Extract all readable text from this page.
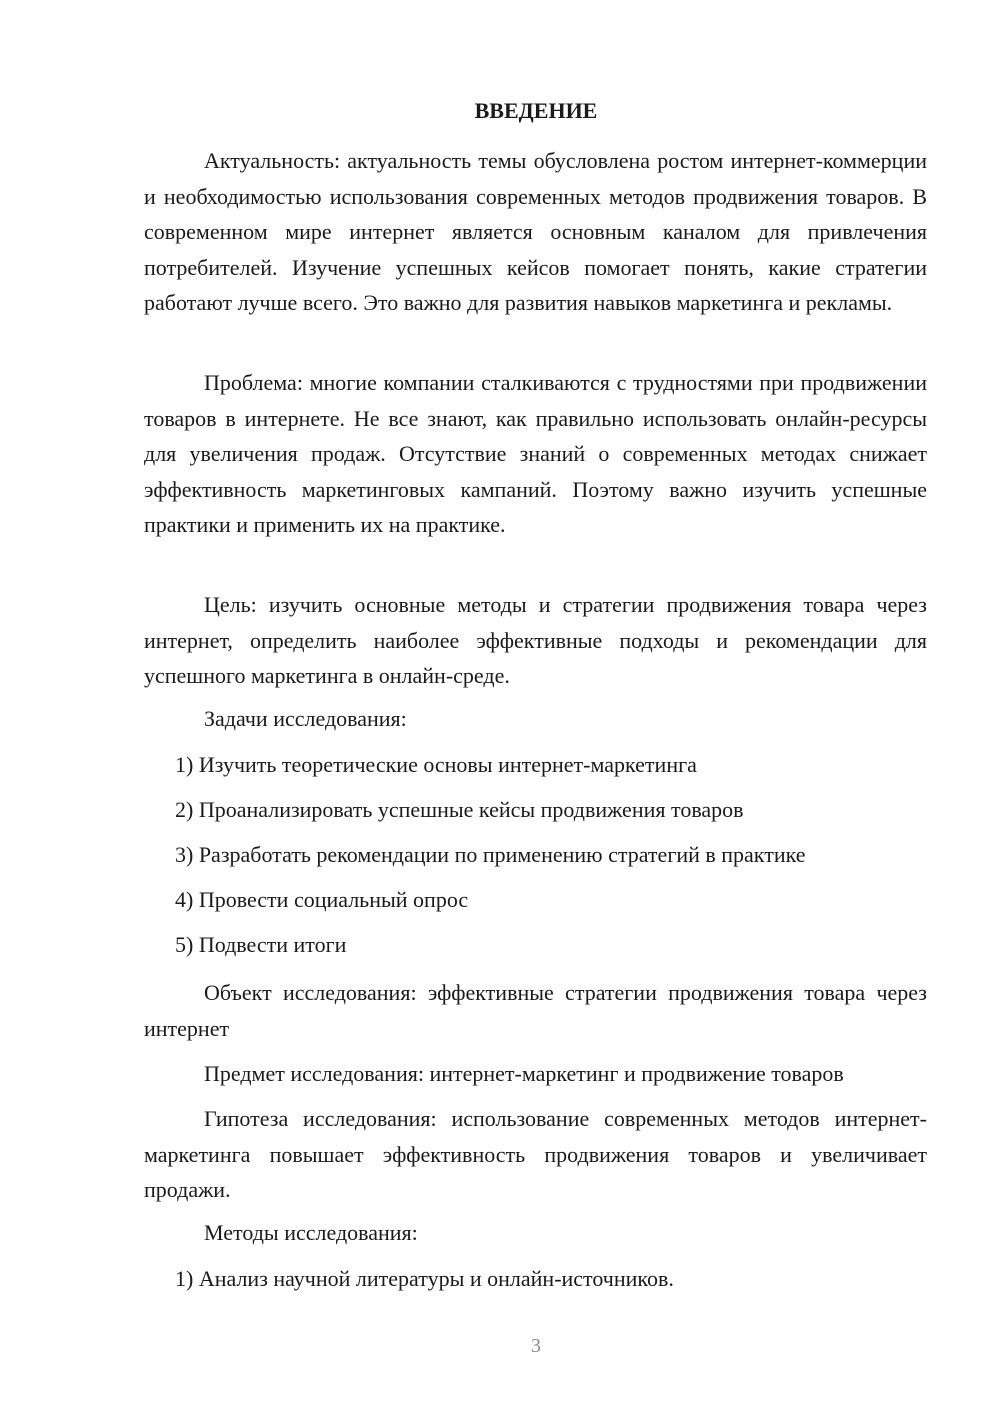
ВВЕДЕНИЕ

Актуальность: актуальность темы обусловлена ростом интернет-коммерции и необходимостью использования современных методов продвижения товаров. В современном мире интернет является основным каналом для привлечения потребителей. Изучение успешных кейсов помогает понять, какие стратегии работают лучше всего. Это важно для развития навыков маркетинга и рекламы.

Проблема: многие компании сталкиваются с трудностями при продвижении товаров в интернете. Не все знают, как правильно использовать онлайн-ресурсы для увеличения продаж. Отсутствие знаний о современных методах снижает эффективность маркетинговых кампаний. Поэтому важно изучить успешные практики и применить их на практике.

Цель: изучить основные методы и стратегии продвижения товара через интернет, определить наиболее эффективные подходы и рекомендации для успешного маркетинга в онлайн-среде.

Задачи исследования:

1) Изучить теоретические основы интернет-маркетинга

2) Проанализировать успешные кейсы продвижения товаров

3) Разработать рекомендации по применению стратегий в практике

4) Провести социальный опрос

5) Подвести итоги

Объект исследования: эффективные стратегии продвижения товара через интернет

Предмет исследования: интернет-маркетинг и продвижение товаров

Гипотеза исследования: использование современных методов интернет-маркетинга повышает эффективность продвижения товаров и увеличивает продажи.

Методы исследования:

1) Анализ научной литературы и онлайн-источников.

3
